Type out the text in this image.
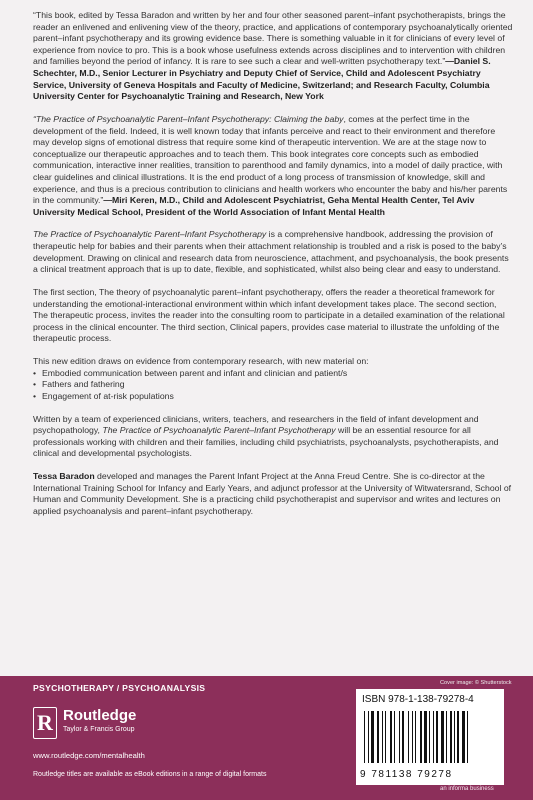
“This book, edited by Tessa Baradon and written by her and four other seasoned parent–infant psychotherapists, brings the reader an enlivened and enlivening view of the theory, practice, and applications of contemporary psychoanalytically oriented parent–infant psychotherapy and its growing evidence base. There is something valuable in it for clinicians of every level of experience from novice to pro. This is a book whose usefulness extends across disciplines and to intervention with children and families beyond the period of infancy. It is rare to see such a clear and well-written psychotherapy text.”—Daniel S. Schechter, M.D., Senior Lecturer in Psychiatry and Deputy Chief of Service, Child and Adolescent Psychiatry Service, University of Geneva Hospitals and Faculty of Medicine, Switzerland; and Research Faculty, Columbia University Center for Psychoanalytic Training and Research, New York

“The Practice of Psychoanalytic Parent–Infant Psychotherapy: Claiming the baby, comes at the perfect time in the development of the field. Indeed, it is well known today that infants perceive and react to their environment and therefore may develop signs of emotional distress that require some kind of therapeutic intervention. We are at the stage now to conceptualize our therapeutic approaches and to teach them. This book integrates core concepts such as embodied communication, interactive inner realities, transition to parenthood and family dynamics, into a model of daily practice, with clear guidelines and clinical illustrations. It is the end product of a long process of transmission of knowledge, skill and experience, and thus is a precious contribution to clinicians and health workers who encounter the baby and his/her parents in the community.”—Miri Keren, M.D., Child and Adolescent Psychiatrist, Geha Mental Health Center, Tel Aviv University Medical School, President of the World Association of Infant Mental Health

The Practice of Psychoanalytic Parent–Infant Psychotherapy is a comprehensive handbook, addressing the provision of therapeutic help for babies and their parents when their attachment relationship is troubled and a risk is posed to the baby’s development. Drawing on clinical and research data from neuroscience, attachment, and psychoanalysis, the book presents a clinical treatment approach that is up to date, flexible, and sophisticated, whilst also being clear and easy to understand.

The first section, The theory of psychoanalytic parent–infant psychotherapy, offers the reader a theoretical framework for understanding the emotional-interactional environment within which infant development takes place. The second section, The therapeutic process, invites the reader into the consulting room to participate in a detailed examination of the relational process in the clinical encounter. The third section, Clinical papers, provides case material to illustrate the unfolding of the therapeutic process.

This new edition draws on evidence from contemporary research, with new material on:
• Embodied communication between parent and infant and clinician and patient/s
• Fathers and fathering
• Engagement of at-risk populations

Written by a team of experienced clinicians, writers, teachers, and researchers in the field of infant development and psychopathology, The Practice of Psychoanalytic Parent–Infant Psychotherapy will be an essential resource for all professionals working with children and their families, including child psychiatrists, psychoanalysts, psychotherapists, and clinical and developmental psychologists.

Tessa Baradon developed and manages the Parent Infant Project at the Anna Freud Centre. She is co-director at the International Training School for Infancy and Early Years, and adjunct professor at the University of Witwatersrand, School of Human and Community Development. She is a practicing child psychotherapist and supervisor and writes and lectures on applied psychoanalysis and parent–infant psychotherapy.

PSYCHOTHERAPY / PSYCHOANALYSIS	Cover image: © Shutterstock
R Routledge
Taylor & Francis Group
www.routledge.com/mentalhealth
Routledge titles are available as eBook editions in a range of digital formats
ISBN 978-1-138-79278-4
9 781138 79278
an informa business
